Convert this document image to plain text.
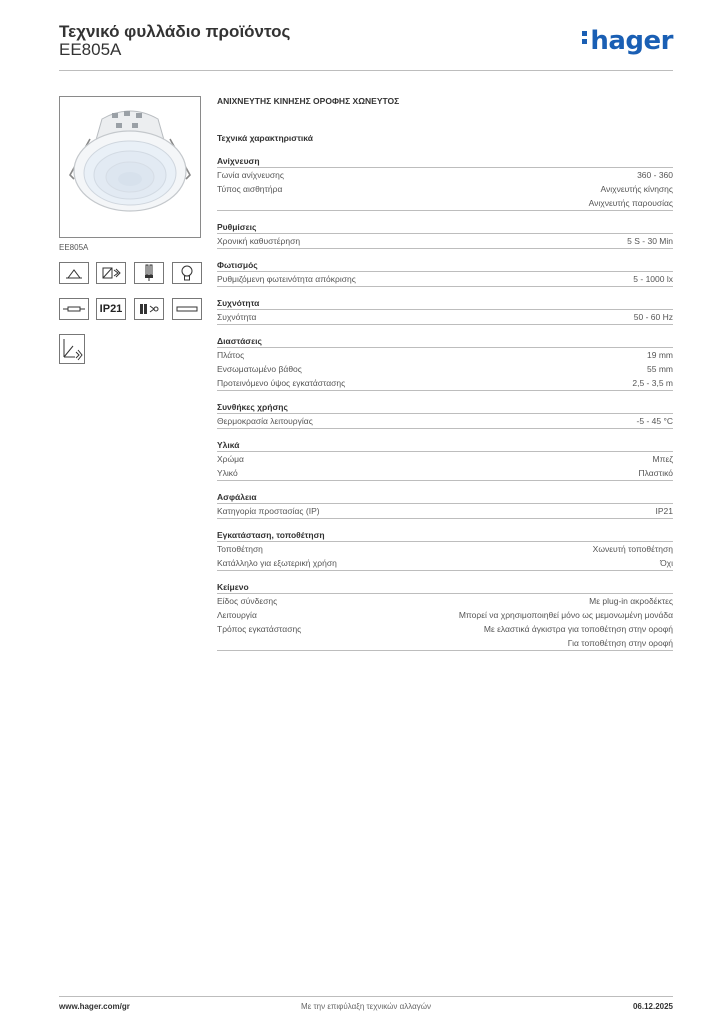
Τεχνικό φυλλάδιο προϊόντος
EE805A	hager
EE805A
IP21
ΑΝΙΧΝΕΥΤΗΣ ΚΙΝΗΣΗΣ ΟΡΟΦΗΣ ΧΩΝΕΥΤΟΣ
Τεχνικά χαρακτηριστικά
Ανίχνευση
Γωνία ανίχνευσης	360 - 360
Τύπος αισθητήρα	Ανιχνευτής κίνησης
Ανιχνευτής παρουσίας
Ρυθμίσεις
Χρονική καθυστέρηση	5 S - 30 Min
Φωτισμός
Ρυθμιζόμενη φωτεινότητα απόκρισης	5 - 1000 lx
Συχνότητα
Συχνότητα	50 - 60 Hz
Διαστάσεις
Πλάτος	19 mm
Ενσωματωμένο βάθος	55 mm
Προτεινόμενο ύψος εγκατάστασης	2,5 - 3,5 m
Συνθήκες χρήσης
Θερμοκρασία λειτουργίας	-5 - 45 °C
Υλικά
Χρώμα	Μπεζ
Υλικό	Πλαστικό
Ασφάλεια
Κατηγορία προστασίας (IP)	IP21
Εγκατάσταση, τοποθέτηση
Τοποθέτηση	Χωνευτή τοποθέτηση
Κατάλληλο για εξωτερική χρήση	Όχι
Κείμενο
Είδος σύνδεσης	Με plug-in ακροδέκτες
Λειτουργία	Μπορεί να χρησιμοποιηθεί μόνο ως μεμονωμένη μονάδα
Τρόπος εγκατάστασης	Με ελαστικά άγκιστρα για τοποθέτηση στην οροφή
Για τοποθέτηση στην οροφή
www.hager.com/gr	Με την επιφύλαξη τεχνικών αλλαγών	06.12.2025
